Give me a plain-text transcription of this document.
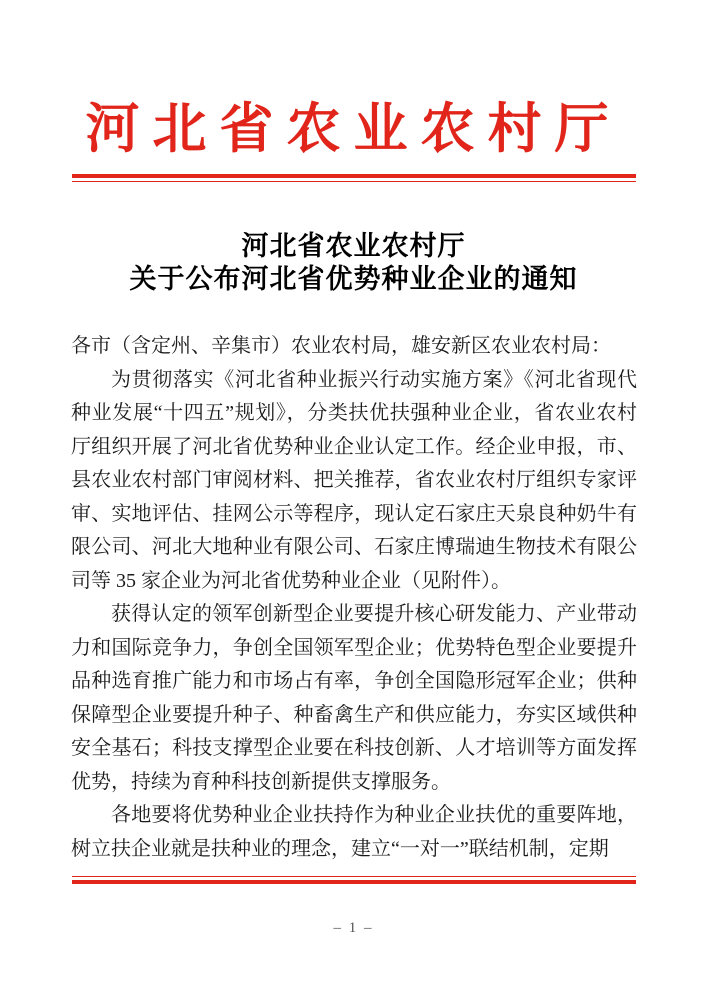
河北省农业农村厅
河北省农业农村厅
关于公布河北省优势种业企业的通知

各市（含定州、辛集市）农业农村局，雄安新区农业农村局：

为贯彻落实《河北省种业振兴行动实施方案》《河北省现代种业发展“十四五”规划》，分类扶优扶强种业企业，省农业农村厅组织开展了河北省优势种业企业认定工作。经企业申报，市、县农业农村部门审阅材料、把关推荐，省农业农村厅组织专家评审、实地评估、挂网公示等程序，现认定石家庄天泉良种奶牛有限公司、河北大地种业有限公司、石家庄博瑞迪生物技术有限公司等 35 家企业为河北省优势种业企业（见附件）。

获得认定的领军创新型企业要提升核心研发能力、产业带动力和国际竞争力，争创全国领军型企业；优势特色型企业要提升品种选育推广能力和市场占有率，争创全国隐形冠军企业；供种保障型企业要提升种子、种畜禽生产和供应能力，夯实区域供种安全基石；科技支撑型企业要在科技创新、人才培训等方面发挥优势，持续为育种科技创新提供支撑服务。

各地要将优势种业企业扶持作为种业企业扶优的重要阵地，树立扶企业就是扶种业的理念，建立“一对一”联结机制，定期

– 1 –
